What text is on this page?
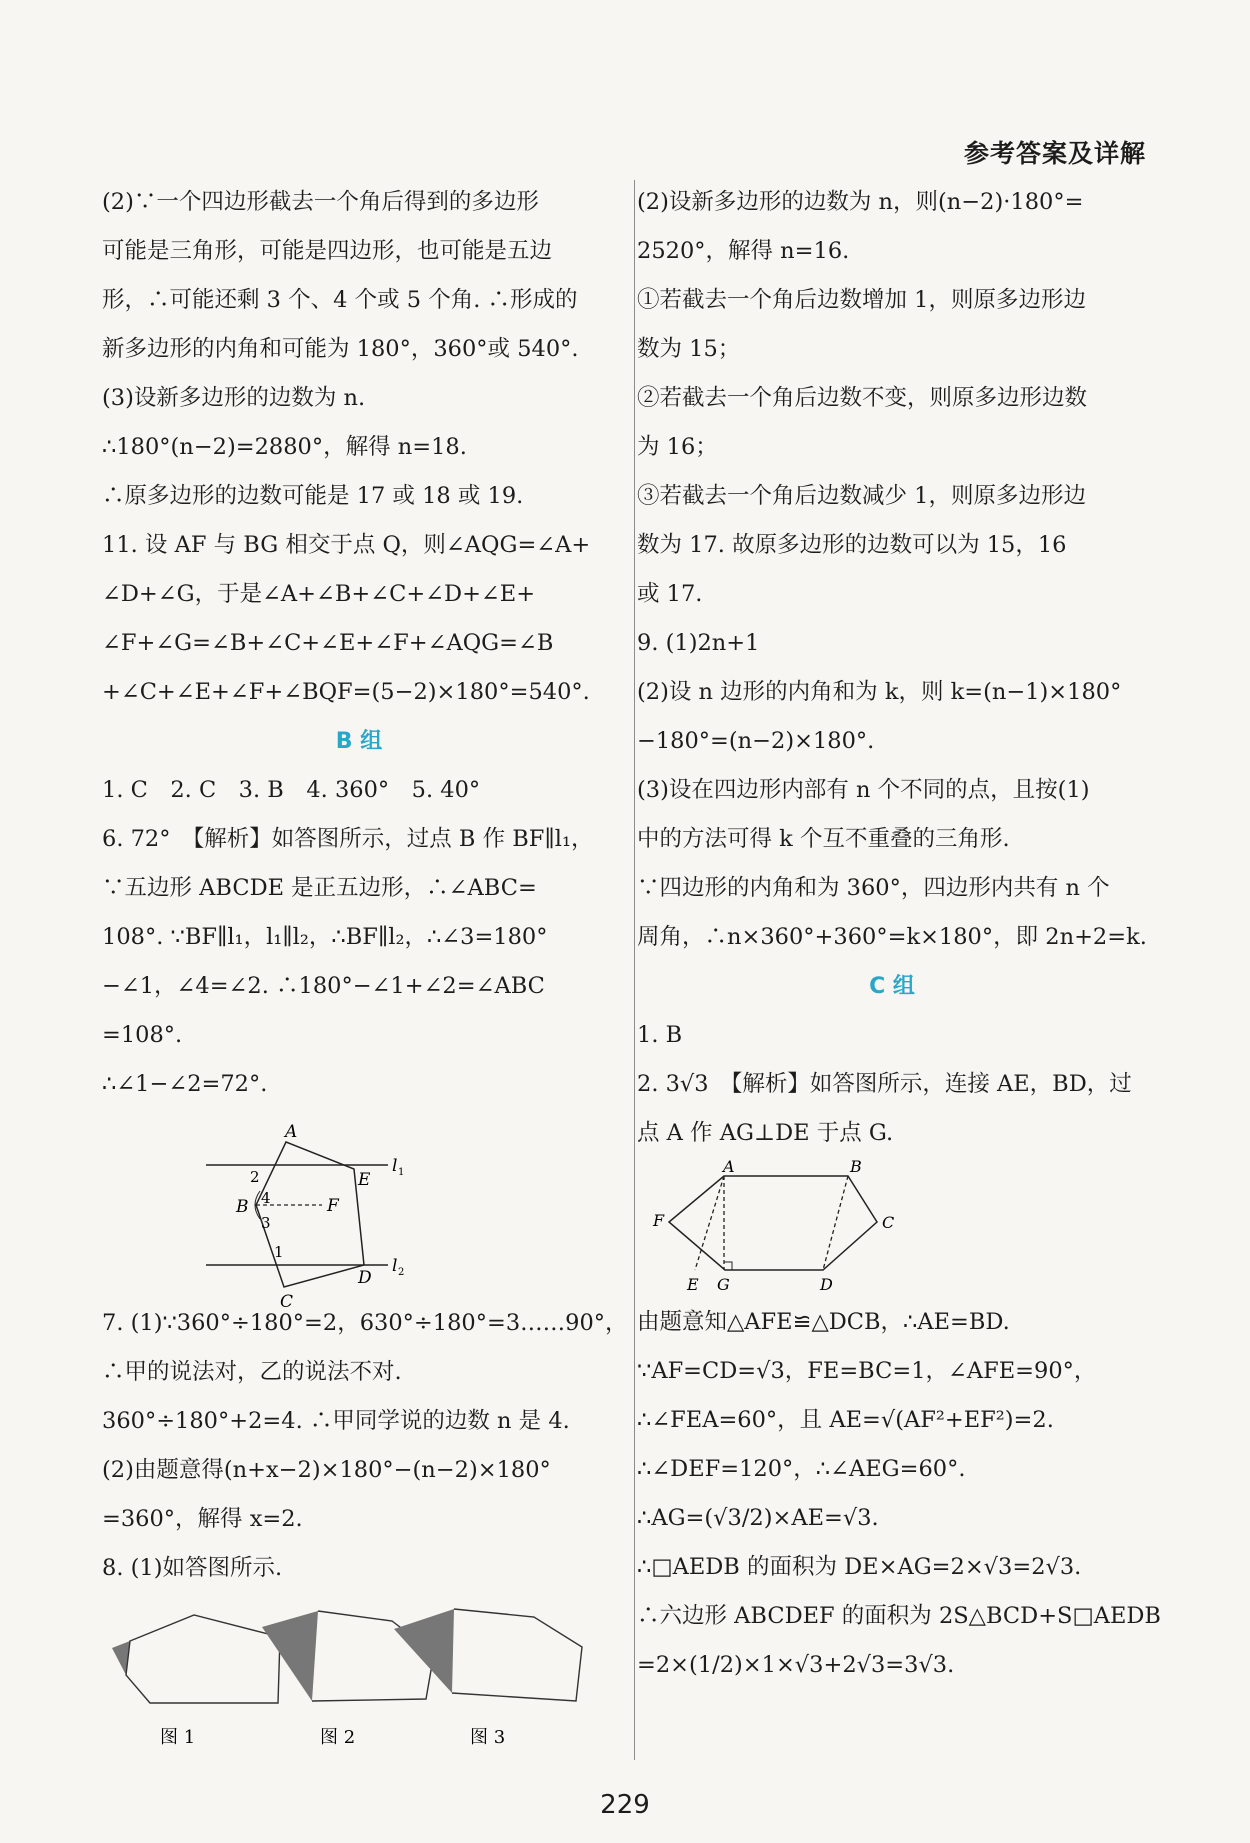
参考答案及详解
(2)∵一个四边形截去一个角后得到的多边形
可能是三角形，可能是四边形，也可能是五边
形，∴可能还剩 3 个、4 个或 5 个角. ∴形成的
新多边形的内角和可能为 180°，360°或 540°.
(3)设新多边形的边数为 n.
∴180°(n−2)=2880°，解得 n=18.
∴原多边形的边数可能是 17 或 18 或 19.
11. 设 AF 与 BG 相交于点 Q，则∠AQG=∠A+
∠D+∠G，于是∠A+∠B+∠C+∠D+∠E+
∠F+∠G=∠B+∠C+∠E+∠F+∠AQG=∠B
+∠C+∠E+∠F+∠BQF=(5−2)×180°=540°.
B 组
1. C　2. C　3. B　4. 360°　5. 40°
6. 72°　【解析】如答图所示，过点 B 作 BF∥l₁，
∵五边形 ABCDE 是正五边形，∴∠ABC=
108°. ∵BF∥l₁，l₁∥l₂，∴BF∥l₂，∴∠3=180°
−∠1，∠4=∠2. ∴180°−∠1+∠2=∠ABC
=108°.
∴∠1−∠2=72°.
A
E
B	F
D
C
l 1
l 2
2
4
3
1
7. (1)∵360°÷180°=2，630°÷180°=3……90°，
∴甲的说法对，乙的说法不对.
360°÷180°+2=4. ∴甲同学说的边数 n 是 4.
(2)由题意得(n+x−2)×180°−(n−2)×180°
=360°，解得 x=2.
8. (1)如答图所示.
图 1	图 2	图 3
(2)设新多边形的边数为 n，则(n−2)·180°=
2520°，解得 n=16.
①若截去一个角后边数增加 1，则原多边形边
数为 15；
②若截去一个角后边数不变，则原多边形边数
为 16；
③若截去一个角后边数减少 1，则原多边形边
数为 17. 故原多边形的边数可以为 15，16
或 17.
9. (1)2n+1
(2)设 n 边形的内角和为 k，则 k=(n−1)×180°
−180°=(n−2)×180°.
(3)设在四边形内部有 n 个不同的点，且按(1)
中的方法可得 k 个互不重叠的三角形.
∵四边形的内角和为 360°，四边形内共有 n 个
周角，∴n×360°+360°=k×180°，即 2n+2=k.
C 组
1. B
2. 3√3　【解析】如答图所示，连接 AE，BD，过
点 A 作 AG⊥DE 于点 G.
A	B
C
D
E G
F
由题意知△AFE≌△DCB，∴AE=BD.
∵AF=CD=√3，FE=BC=1，∠AFE=90°，
∴∠FEA=60°，且 AE=√(AF²+EF²)=2.
∴∠DEF=120°，∴∠AEG=60°.
∴AG=(√3/2)×AE=√3.
∴□AEDB 的面积为 DE×AG=2×√3=2√3.
∴六边形 ABCDEF 的面积为 2S△BCD+S□AEDB
=2×(1/2)×1×√3+2√3=3√3.
229
